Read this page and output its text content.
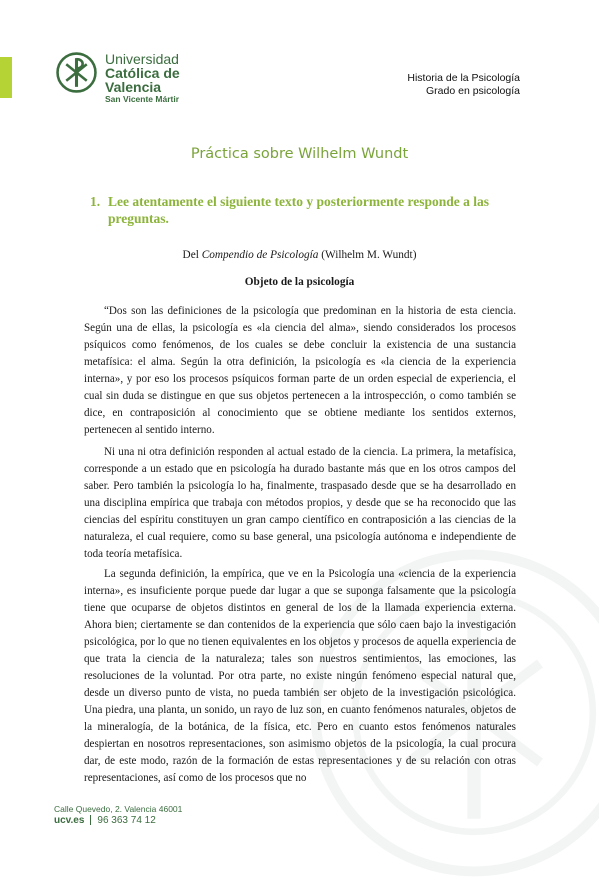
Universidad
Católica de
Valencia
San Vicente Mártir
Historia de la Psicología
Grado en psicología
Práctica sobre Wilhelm Wundt
1. Lee atentamente el siguiente texto y posteriormente responde a las preguntas.
Del Compendio de Psicología (Wilhelm M. Wundt)
Objeto de la psicología

“Dos son las definiciones de la psicología que predominan en la historia de esta ciencia. Según una de ellas, la psicología es «la ciencia del alma», siendo considerados los procesos psíquicos como fenómenos, de los cuales se debe concluir la existencia de una sustancia metafísica: el alma. Según la otra definición, la psicología es «la ciencia de la experiencia interna», y por eso los procesos psíquicos forman parte de un orden especial de experiencia, el cual sin duda se distingue en que sus objetos pertenecen a la introspección, o como también se dice, en contraposición al conocimiento que se obtiene mediante los sentidos externos, pertenecen al sentido interno.

Ni una ni otra definición responden al actual estado de la ciencia. La primera, la metafísica, corresponde a un estado que en psicología ha durado bastante más que en los otros campos del saber. Pero también la psicología lo ha, finalmente, traspasado desde que se ha desarrollado en una disciplina empírica que trabaja con métodos propios, y desde que se ha reconocido que las ciencias del espíritu constituyen un gran campo científico en contraposición a las ciencias de la naturaleza, el cual requiere, como su base general, una psicología autónoma e independiente de toda teoría metafísica.

La segunda definición, la empírica, que ve en la Psicología una «ciencia de la experiencia interna», es insuficiente porque puede dar lugar a que se suponga falsamente que la psicología tiene que ocuparse de objetos distintos en general de los de la llamada experiencia externa. Ahora bien; ciertamente se dan contenidos de la experiencia que sólo caen bajo la investigación psicológica, por lo que no tienen equivalentes en los objetos y procesos de aquella experiencia de que trata la ciencia de la naturaleza; tales son nuestros sentimientos, las emociones, las resoluciones de la voluntad. Por otra parte, no existe ningún fenómeno especial natural que, desde un diverso punto de vista, no pueda también ser objeto de la investigación psicológica. Una piedra, una planta, un sonido, un rayo de luz son, en cuanto fenómenos naturales, objetos de la mineralogía, de la botánica, de la física, etc. Pero en cuanto estos fenómenos naturales despiertan en nosotros representaciones, son asimismo objetos de la psicología, la cual procura dar, de este modo, razón de la formación de estas representaciones y de su relación con otras representaciones, así como de los procesos que no

Calle Quevedo, 2. Valencia 46001
ucv.es 96 363 74 12
